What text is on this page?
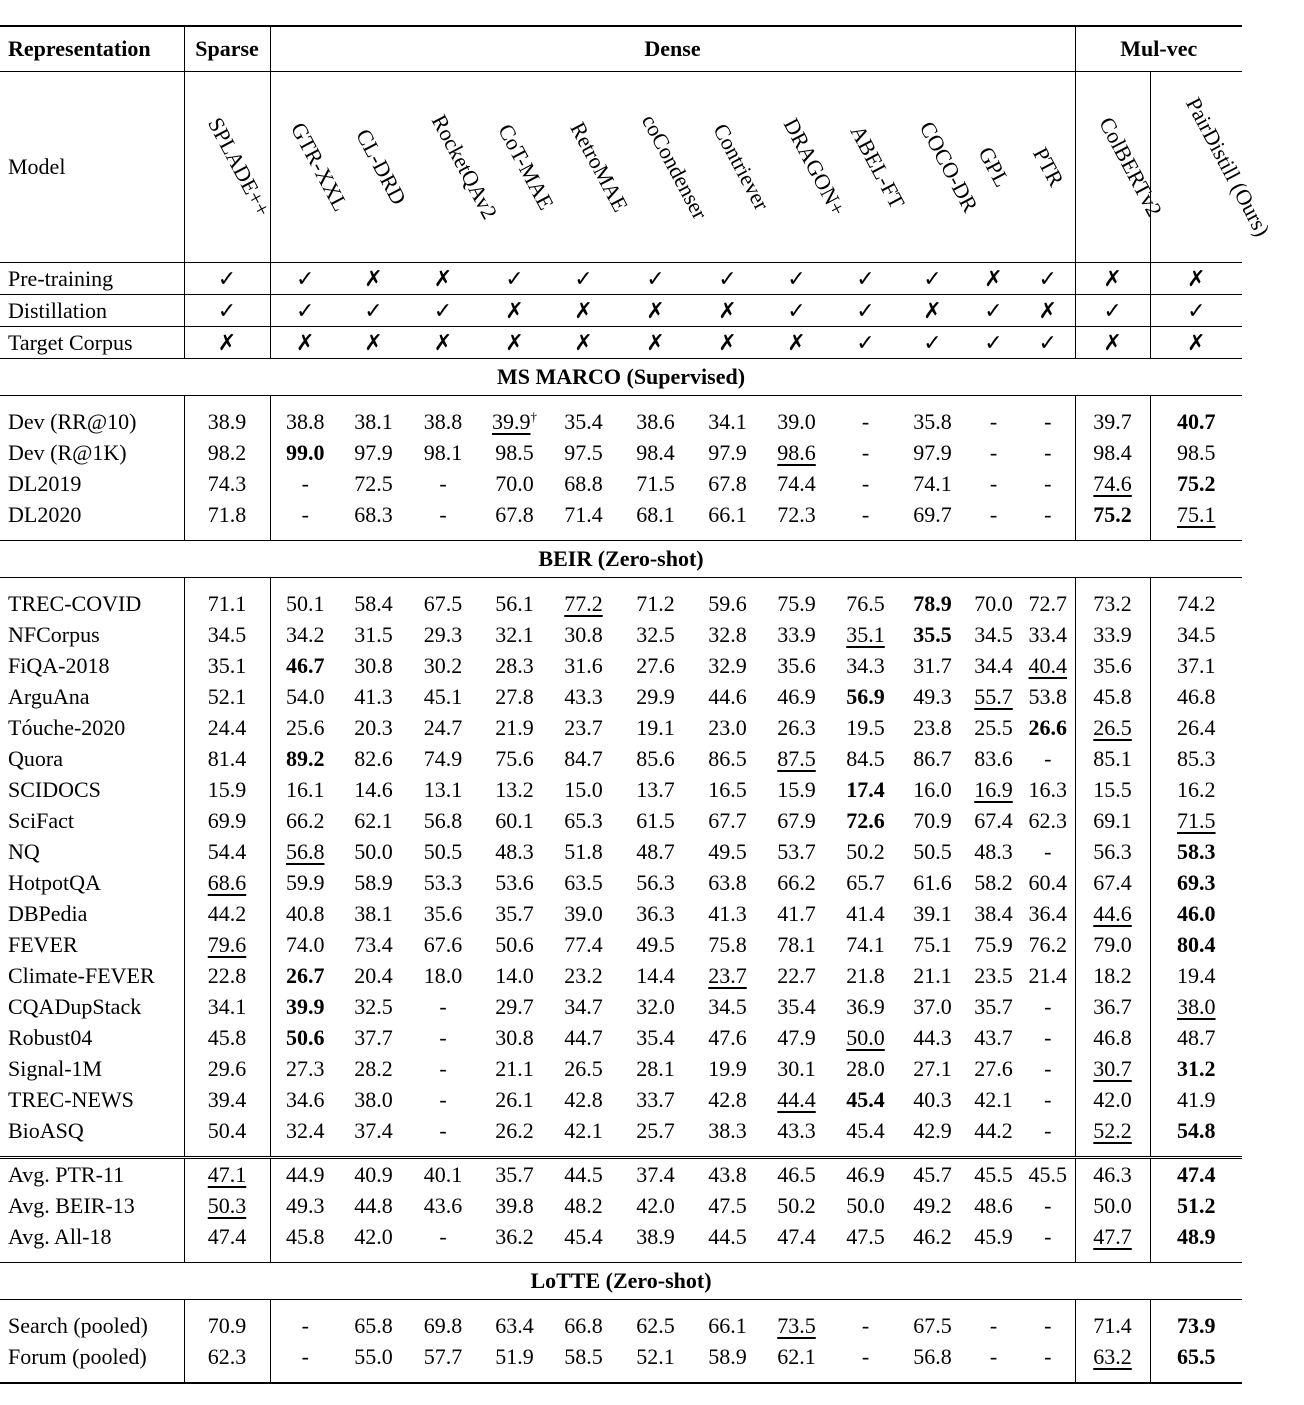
Representation	Sparse	Dense												Mul-vec	
Model	SPLADE++	GTR-XXL	CL-DRD	RocketQAv2	CoT-MAE	RetroMAE	coCondenser	Contriever	DRAGON+	ABEL-FT	COCO-DR	GPL	PTR	ColBERTv2	PairDistill (Ours)
Pre-training	✓	✓	✗	✗	✓	✓	✓	✓	✓	✓	✓	✗	✓	✗	✗
Distillation	✓	✓	✓	✓	✗	✗	✗	✗	✓	✓	✗	✓	✗	✓	✓
Target Corpus	✗	✗	✗	✗	✗	✗	✗	✗	✗	✓	✓	✓	✓	✗	✗
MS MARCO (Supervised)															

Dev (RR@10)	38.9	38.8	38.1	38.8	39.9†	35.4	38.6	34.1	39.0	-	35.8	-	-	39.7	40.7
Dev (R@1K)	98.2	99.0	97.9	98.1	98.5	97.5	98.4	97.9	98.6	-	97.9	-	-	98.4	98.5
DL2019	74.3	-	72.5	-	70.0	68.8	71.5	67.8	74.4	-	74.1	-	-	74.6	75.2
DL2020	71.8	-	68.3	-	67.8	71.4	68.1	66.1	72.3	-	69.7	-	-	75.2	75.1

BEIR (Zero-shot)															

TREC-COVID	71.1	50.1	58.4	67.5	56.1	77.2	71.2	59.6	75.9	76.5	78.9	70.0	72.7	73.2	74.2
NFCorpus	34.5	34.2	31.5	29.3	32.1	30.8	32.5	32.8	33.9	35.1	35.5	34.5	33.4	33.9	34.5
FiQA-2018	35.1	46.7	30.8	30.2	28.3	31.6	27.6	32.9	35.6	34.3	31.7	34.4	40.4	35.6	37.1
ArguAna	52.1	54.0	41.3	45.1	27.8	43.3	29.9	44.6	46.9	56.9	49.3	55.7	53.8	45.8	46.8
Tóuche-2020	24.4	25.6	20.3	24.7	21.9	23.7	19.1	23.0	26.3	19.5	23.8	25.5	26.6	26.5	26.4
Quora	81.4	89.2	82.6	74.9	75.6	84.7	85.6	86.5	87.5	84.5	86.7	83.6	-	85.1	85.3
SCIDOCS	15.9	16.1	14.6	13.1	13.2	15.0	13.7	16.5	15.9	17.4	16.0	16.9	16.3	15.5	16.2
SciFact	69.9	66.2	62.1	56.8	60.1	65.3	61.5	67.7	67.9	72.6	70.9	67.4	62.3	69.1	71.5
NQ	54.4	56.8	50.0	50.5	48.3	51.8	48.7	49.5	53.7	50.2	50.5	48.3	-	56.3	58.3
HotpotQA	68.6	59.9	58.9	53.3	53.6	63.5	56.3	63.8	66.2	65.7	61.6	58.2	60.4	67.4	69.3
DBPedia	44.2	40.8	38.1	35.6	35.7	39.0	36.3	41.3	41.7	41.4	39.1	38.4	36.4	44.6	46.0
FEVER	79.6	74.0	73.4	67.6	50.6	77.4	49.5	75.8	78.1	74.1	75.1	75.9	76.2	79.0	80.4
Climate-FEVER	22.8	26.7	20.4	18.0	14.0	23.2	14.4	23.7	22.7	21.8	21.1	23.5	21.4	18.2	19.4
CQADupStack	34.1	39.9	32.5	-	29.7	34.7	32.0	34.5	35.4	36.9	37.0	35.7	-	36.7	38.0
Robust04	45.8	50.6	37.7	-	30.8	44.7	35.4	47.6	47.9	50.0	44.3	43.7	-	46.8	48.7
Signal-1M	29.6	27.3	28.2	-	21.1	26.5	28.1	19.9	30.1	28.0	27.1	27.6	-	30.7	31.2
TREC-NEWS	39.4	34.6	38.0	-	26.1	42.8	33.7	42.8	44.4	45.4	40.3	42.1	-	42.0	41.9
BioASQ	50.4	32.4	37.4	-	26.2	42.1	25.7	38.3	43.3	45.4	42.9	44.2	-	52.2	54.8

Avg. PTR-11	47.1	44.9	40.9	40.1	35.7	44.5	37.4	43.8	46.5	46.9	45.7	45.5	45.5	46.3	47.4
Avg. BEIR-13	50.3	49.3	44.8	43.6	39.8	48.2	42.0	47.5	50.2	50.0	49.2	48.6	-	50.0	51.2
Avg. All-18	47.4	45.8	42.0	-	36.2	45.4	38.9	44.5	47.4	47.5	46.2	45.9	-	47.7	48.9

LoTTE (Zero-shot)															

Search (pooled)	70.9	-	65.8	69.8	63.4	66.8	62.5	66.1	73.5	-	67.5	-	-	71.4	73.9
Forum (pooled)	62.3	-	55.0	57.7	51.9	58.5	52.1	58.9	62.1	-	56.8	-	-	63.2	65.5
